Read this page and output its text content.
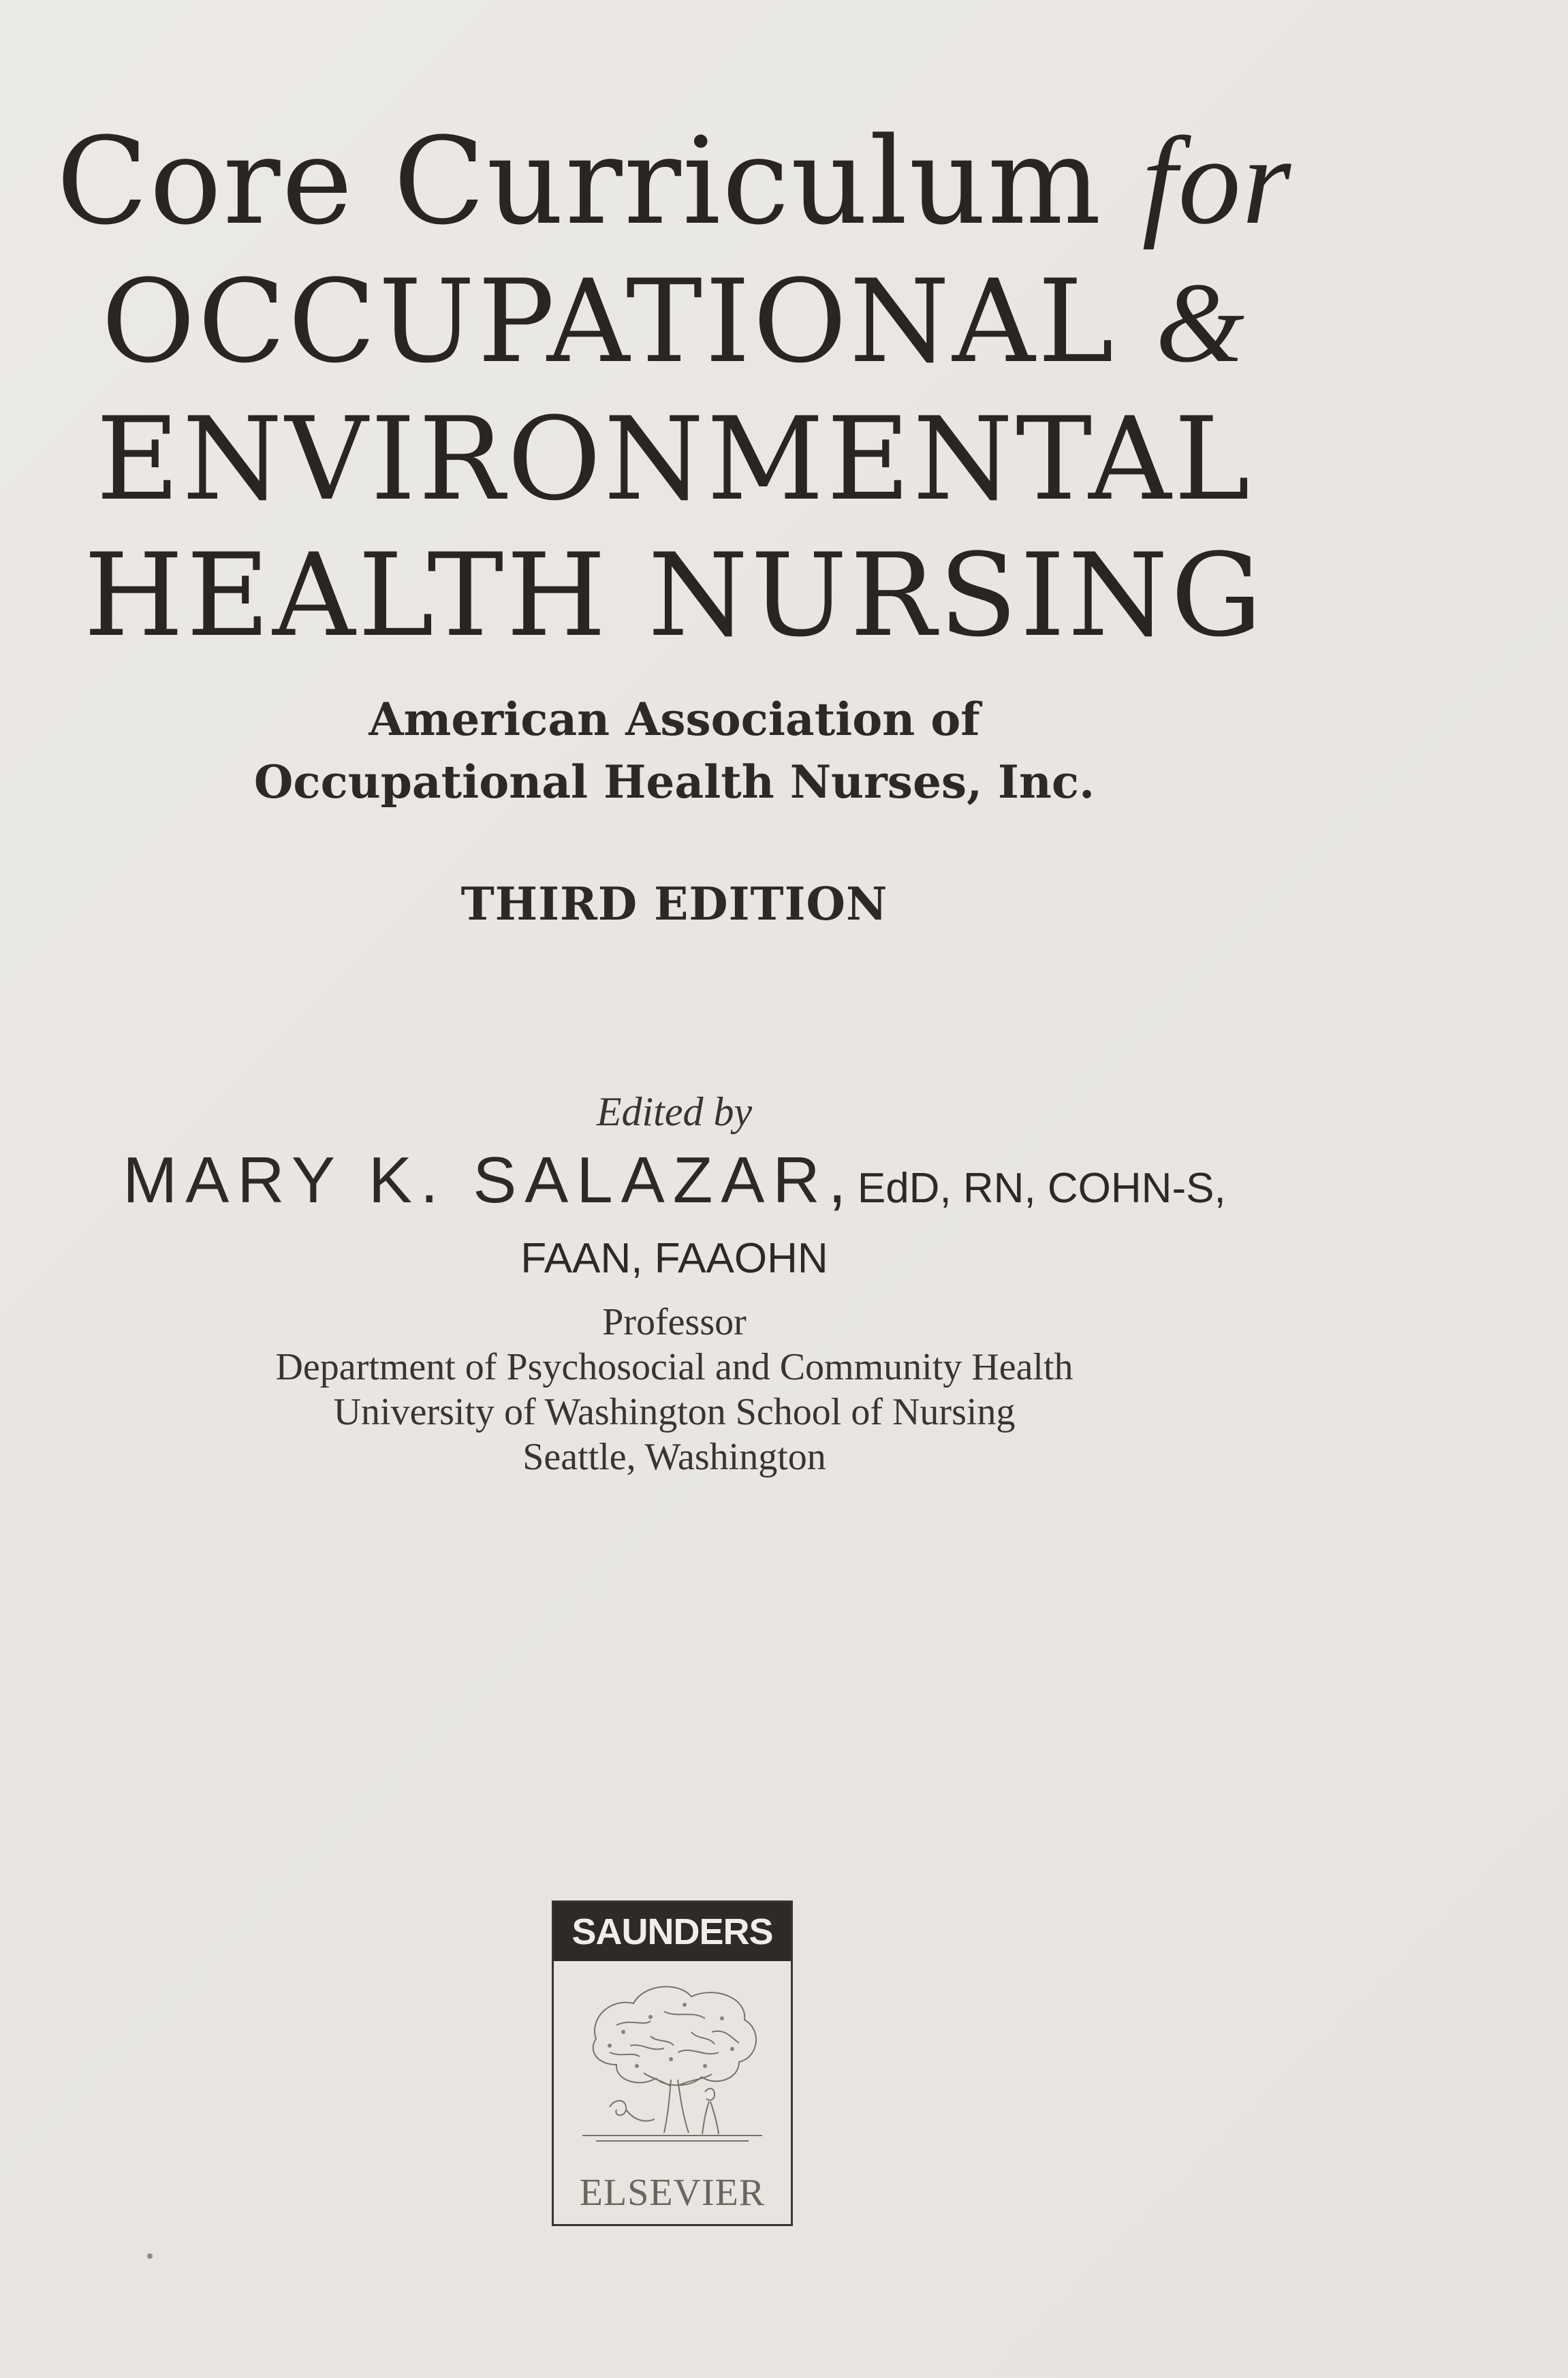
Core Curriculum for
OCCUPATIONAL &
ENVIRONMENTAL
HEALTH NURSING
American Association of
Occupational Health Nurses, Inc.
THIRD EDITION
Edited by
MARY K. SALAZAR, EdD, RN, COHN-S,
FAAN, FAAOHN
Professor
Department of Psychosocial and Community Health
University of Washington School of Nursing
Seattle, Washington
SAUNDERS
ELSEVIER
